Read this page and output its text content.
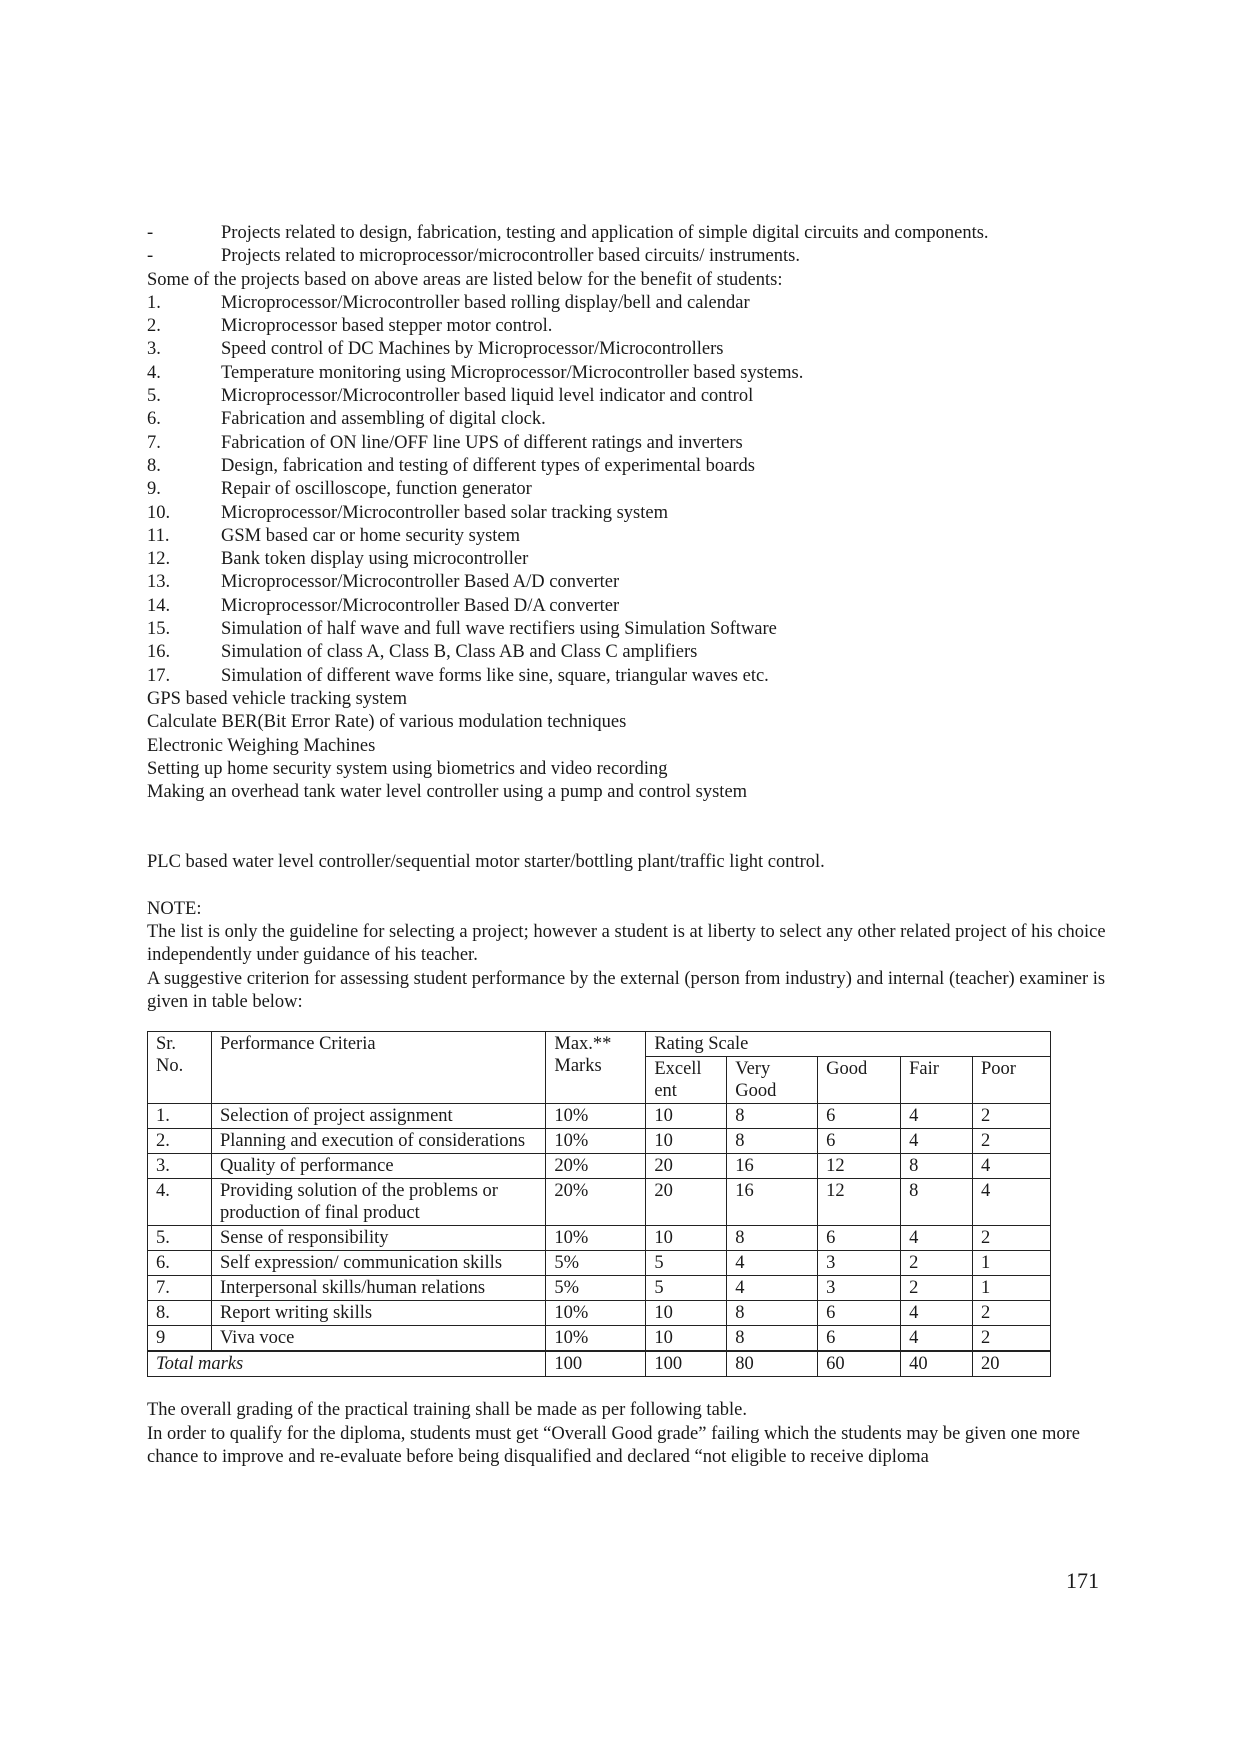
-	Projects related to design, fabrication, testing and application of simple digital circuits and components.
-	Projects related to microprocessor/microcontroller based circuits/ instruments.
Some of the projects based on above areas are listed below for the benefit of students:
1.	Microprocessor/Microcontroller based rolling display/bell and calendar
2.	Microprocessor based stepper motor control.
3.	Speed control of DC Machines by Microprocessor/Microcontrollers
4.	Temperature monitoring using Microprocessor/Microcontroller based systems.
5.	Microprocessor/Microcontroller based liquid level indicator and control
6.	Fabrication and assembling of digital clock.
7.	Fabrication of ON line/OFF line UPS of different ratings and inverters
8.	Design, fabrication and testing of different types of experimental boards
9.	Repair of oscilloscope, function generator
10.	Microprocessor/Microcontroller based solar tracking system
11.	GSM based car or home security system
12.	Bank token display using microcontroller
13.	Microprocessor/Microcontroller Based A/D converter
14.	Microprocessor/Microcontroller Based D/A converter
15.	Simulation of half wave and full wave rectifiers using Simulation Software
16.	Simulation of class A, Class B, Class AB and Class C amplifiers
17.	Simulation of different wave forms like sine, square, triangular waves etc.
GPS based vehicle tracking system
Calculate BER(Bit Error Rate) of various modulation techniques
Electronic Weighing Machines
Setting up home security system using biometrics and video recording
Making an overhead tank water level controller using a pump and control system
PLC based water level controller/sequential motor starter/bottling plant/traffic light control.
NOTE:
The list is only the guideline for selecting a project; however a student is at liberty to select any other related project of his choice independently under guidance of his teacher.
A suggestive criterion for assessing student performance by the external (person from industry) and internal (teacher) examiner is given in table below:
Sr. No.	Performance Criteria	Max.** Marks	Rating Scale				
			Excell ent	Very Good	Good	Fair	Poor
1.	Selection of project assignment	10%	10	8	6	4	2
2.	Planning and execution of considerations	10%	10	8	6	4	2
3.	Quality of performance	20%	20	16	12	8	4
4.	Providing solution of the problems or production of final product	20%	20	16	12	8	4
5.	Sense of responsibility	10%	10	8	6	4	2
6.	Self expression/ communication skills	5%	5	4	3	2	1
7.	Interpersonal skills/human relations	5%	5	4	3	2	1
8.	Report writing skills	10%	10	8	6	4	2
9	Viva voce	10%	10	8	6	4	2
Total marks		100	100	80	60	40	20
The overall grading of the practical training shall be made as per following table.
In order to qualify for the diploma, students must get “Overall Good grade” failing which the students may be given one more chance to improve and re-evaluate before being disqualified and declared “not eligible to receive diploma
171
